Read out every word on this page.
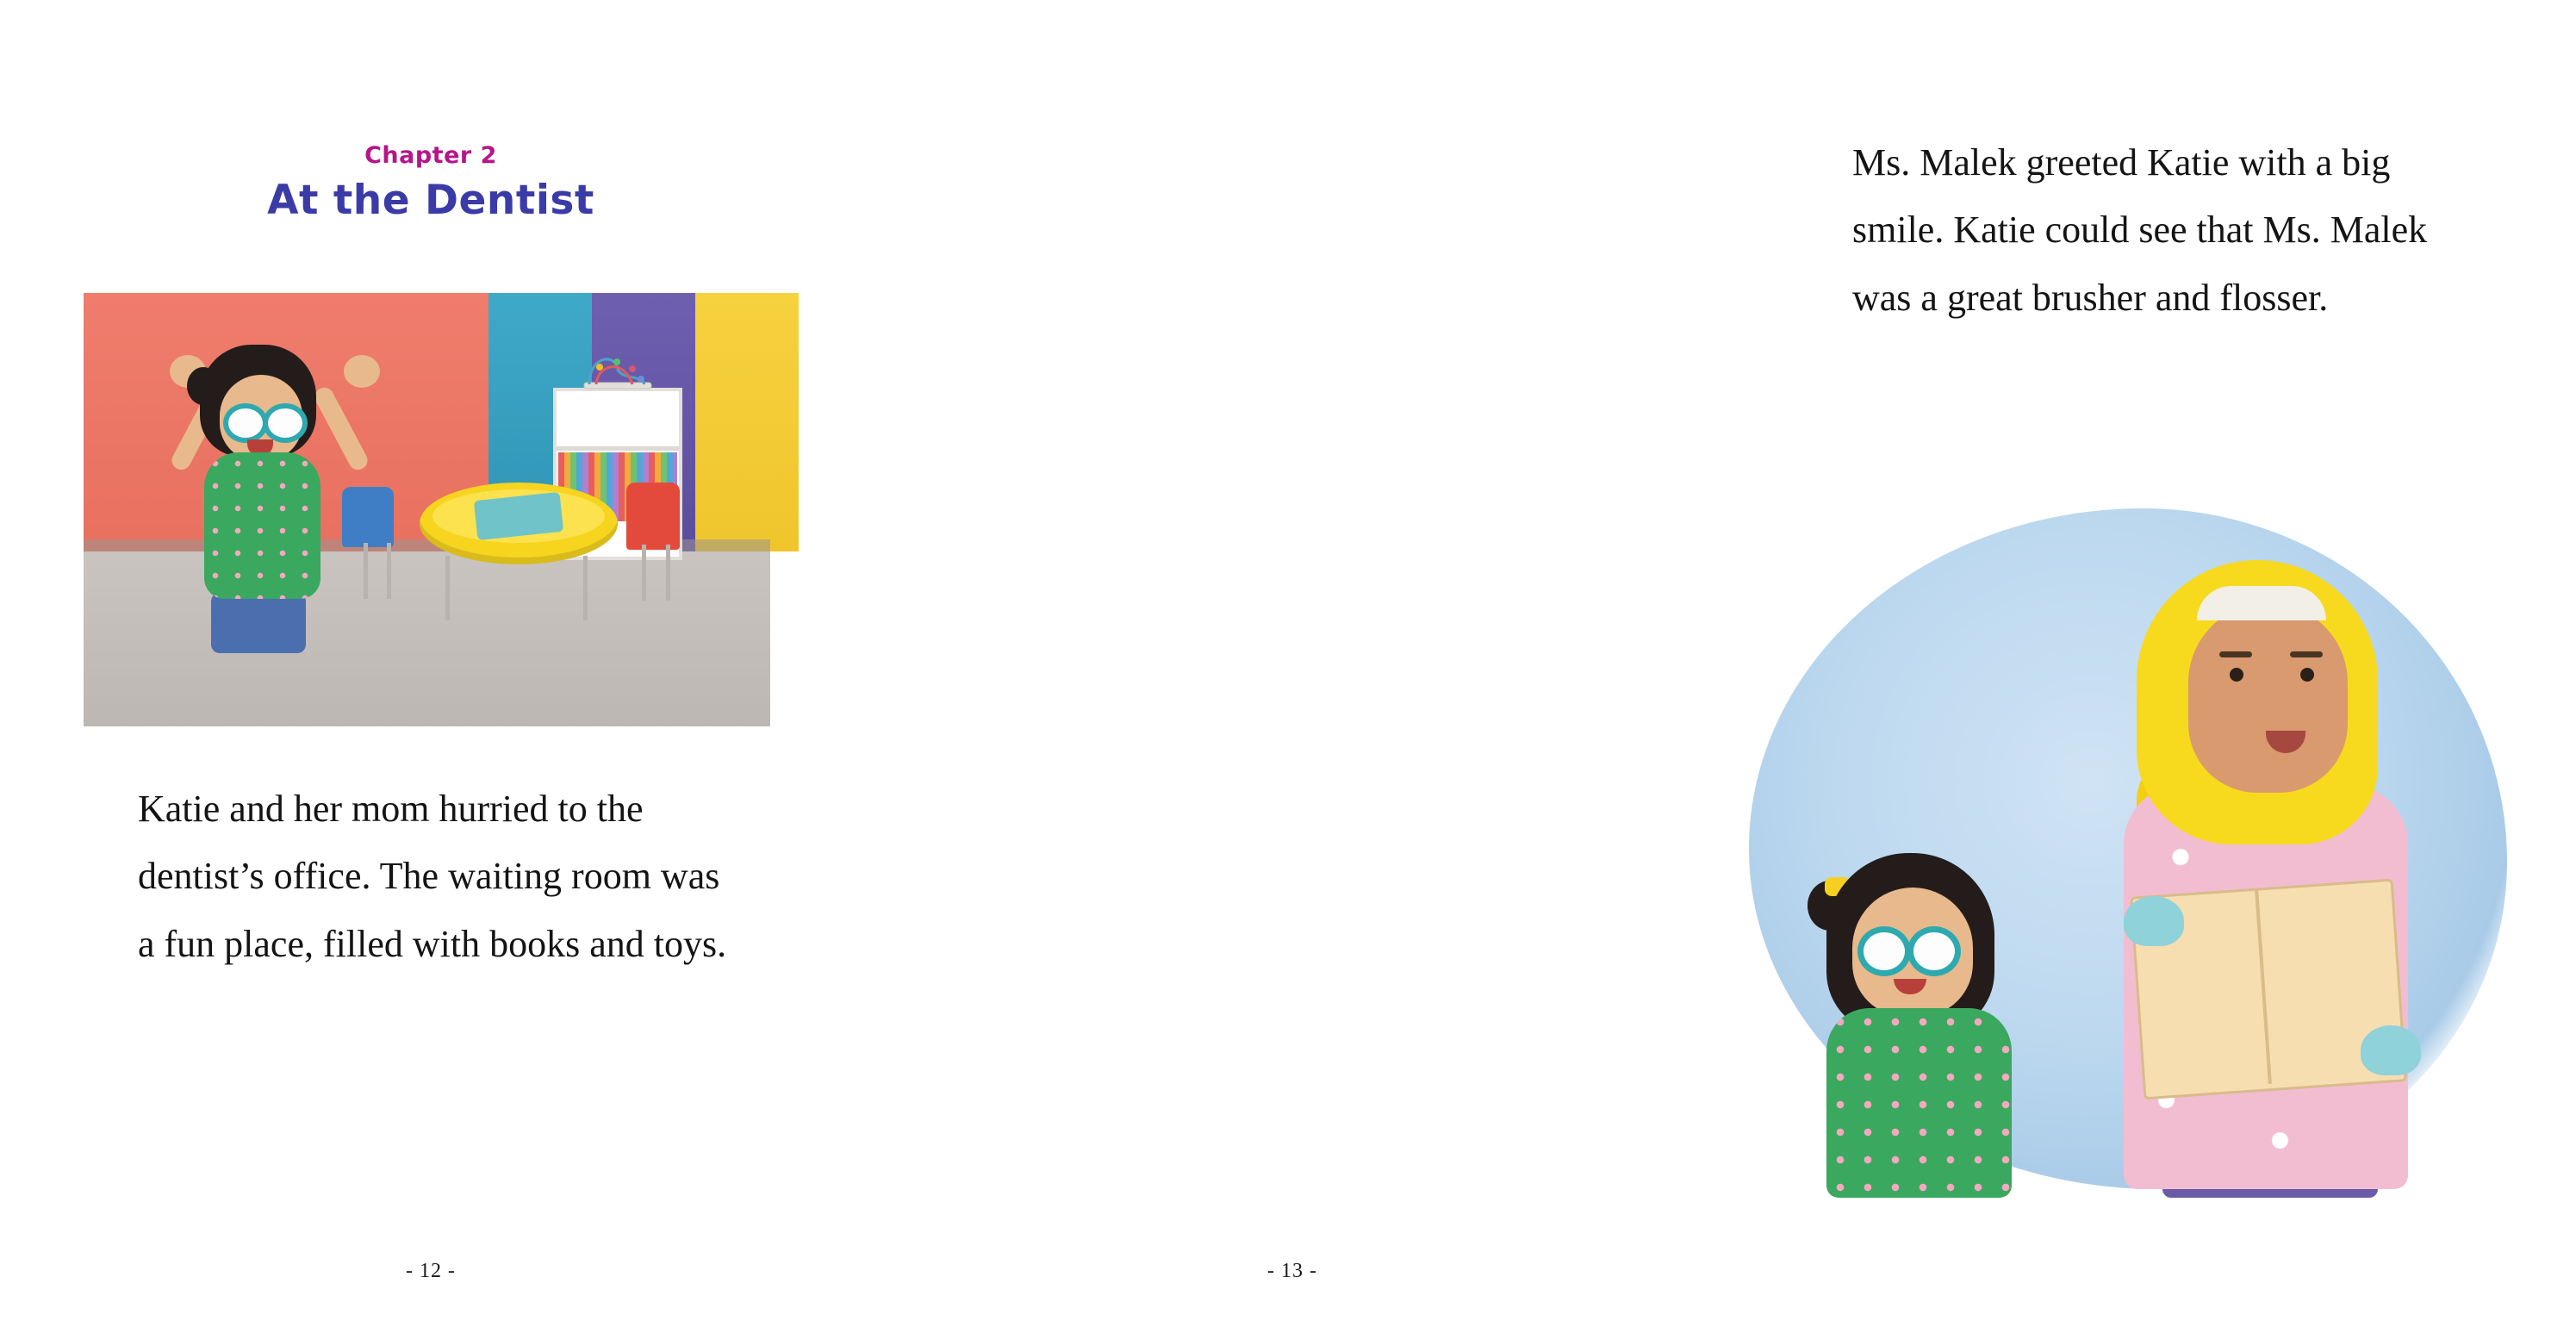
Chapter 2
At the Dentist
Katie and her mom hurried to the dentist’s office. The waiting room was a fun place, filled with books and toys.
- 12 -
Ms. Malek greeted Katie with a big smile. Katie could see that Ms. Malek was a great brusher and flosser.
- 13 -
